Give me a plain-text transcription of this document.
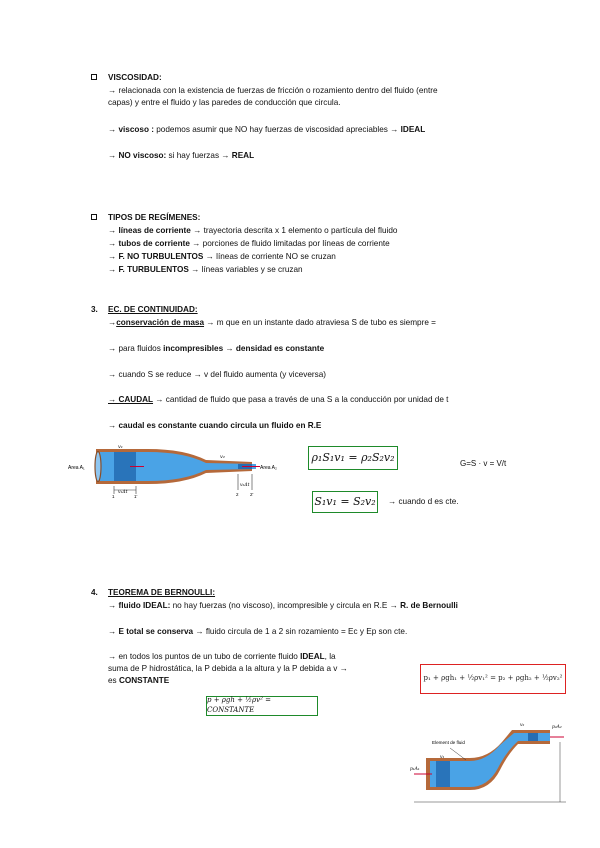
VISCOSIDAD:
→ relacionada con la existencia de fuerzas de fricción o rozamiento dentro del fluido (entre
capas) y entre el fluido y las paredes de conducción que circula.
→ viscoso : podemos asumir que NO hay fuerzas de viscosidad apreciables → IDEAL
→ NO viscoso: si hay fuerzas → REAL
TIPOS DE REGÍMENES:
→ líneas de corriente → trayectoria descrita x 1 elemento o partícula del fluido
→ tubos de corriente → porciones de fluido limitadas por líneas de corriente
→ F. NO TURBULENTOS → líneas de corriente NO se cruzan
→ F. TURBULENTOS → líneas variables y se cruzan
3. EC. DE CONTINUIDAD:
→conservación de masa → m que en un instante dado atraviesa S de tubo es siempre =
→ para fluidos incompresibles → densidad es constante
→ cuando S se reduce → v del fluido aumenta (y viceversa)
→ CAUDAL → cantidad de fluido que pasa a través de una S a la conducción por unidad de t
→ caudal es constante cuando circula un fluido en R.E
Area A₁	Area A₂
v₁
v₂
v₁Δt
v₂Δt
1	1'	2	2'
ρ₁S₁v₁ = ρ₂S₂v₂	G=S · v = V/t
S₁v₁ = S₂v₂ → cuando d es cte.
4. TEOREMA DE BERNOULLI:
→ fluido IDEAL: no hay fuerzas (no viscoso), incompresible y circula en R.E → R. de Bernoulli
→ E total se conserva → fluido circula de 1 a 2 sin rozamiento = Ec y Ep son cte.
→ en todos los puntos de un tubo de corriente fluido IDEAL, la
suma de P hidrostática, la P debida a la altura y la P debida a v →
es CONSTANTE	p₁ + ρgh₁ + ½ρv₁² = p₂ + ρgh₂ + ½ρv₂²
p + ρgh + ½ρv² = CONSTANTE
Element de fluid
p₁A₁
p₂A₂
v₁
v₂
